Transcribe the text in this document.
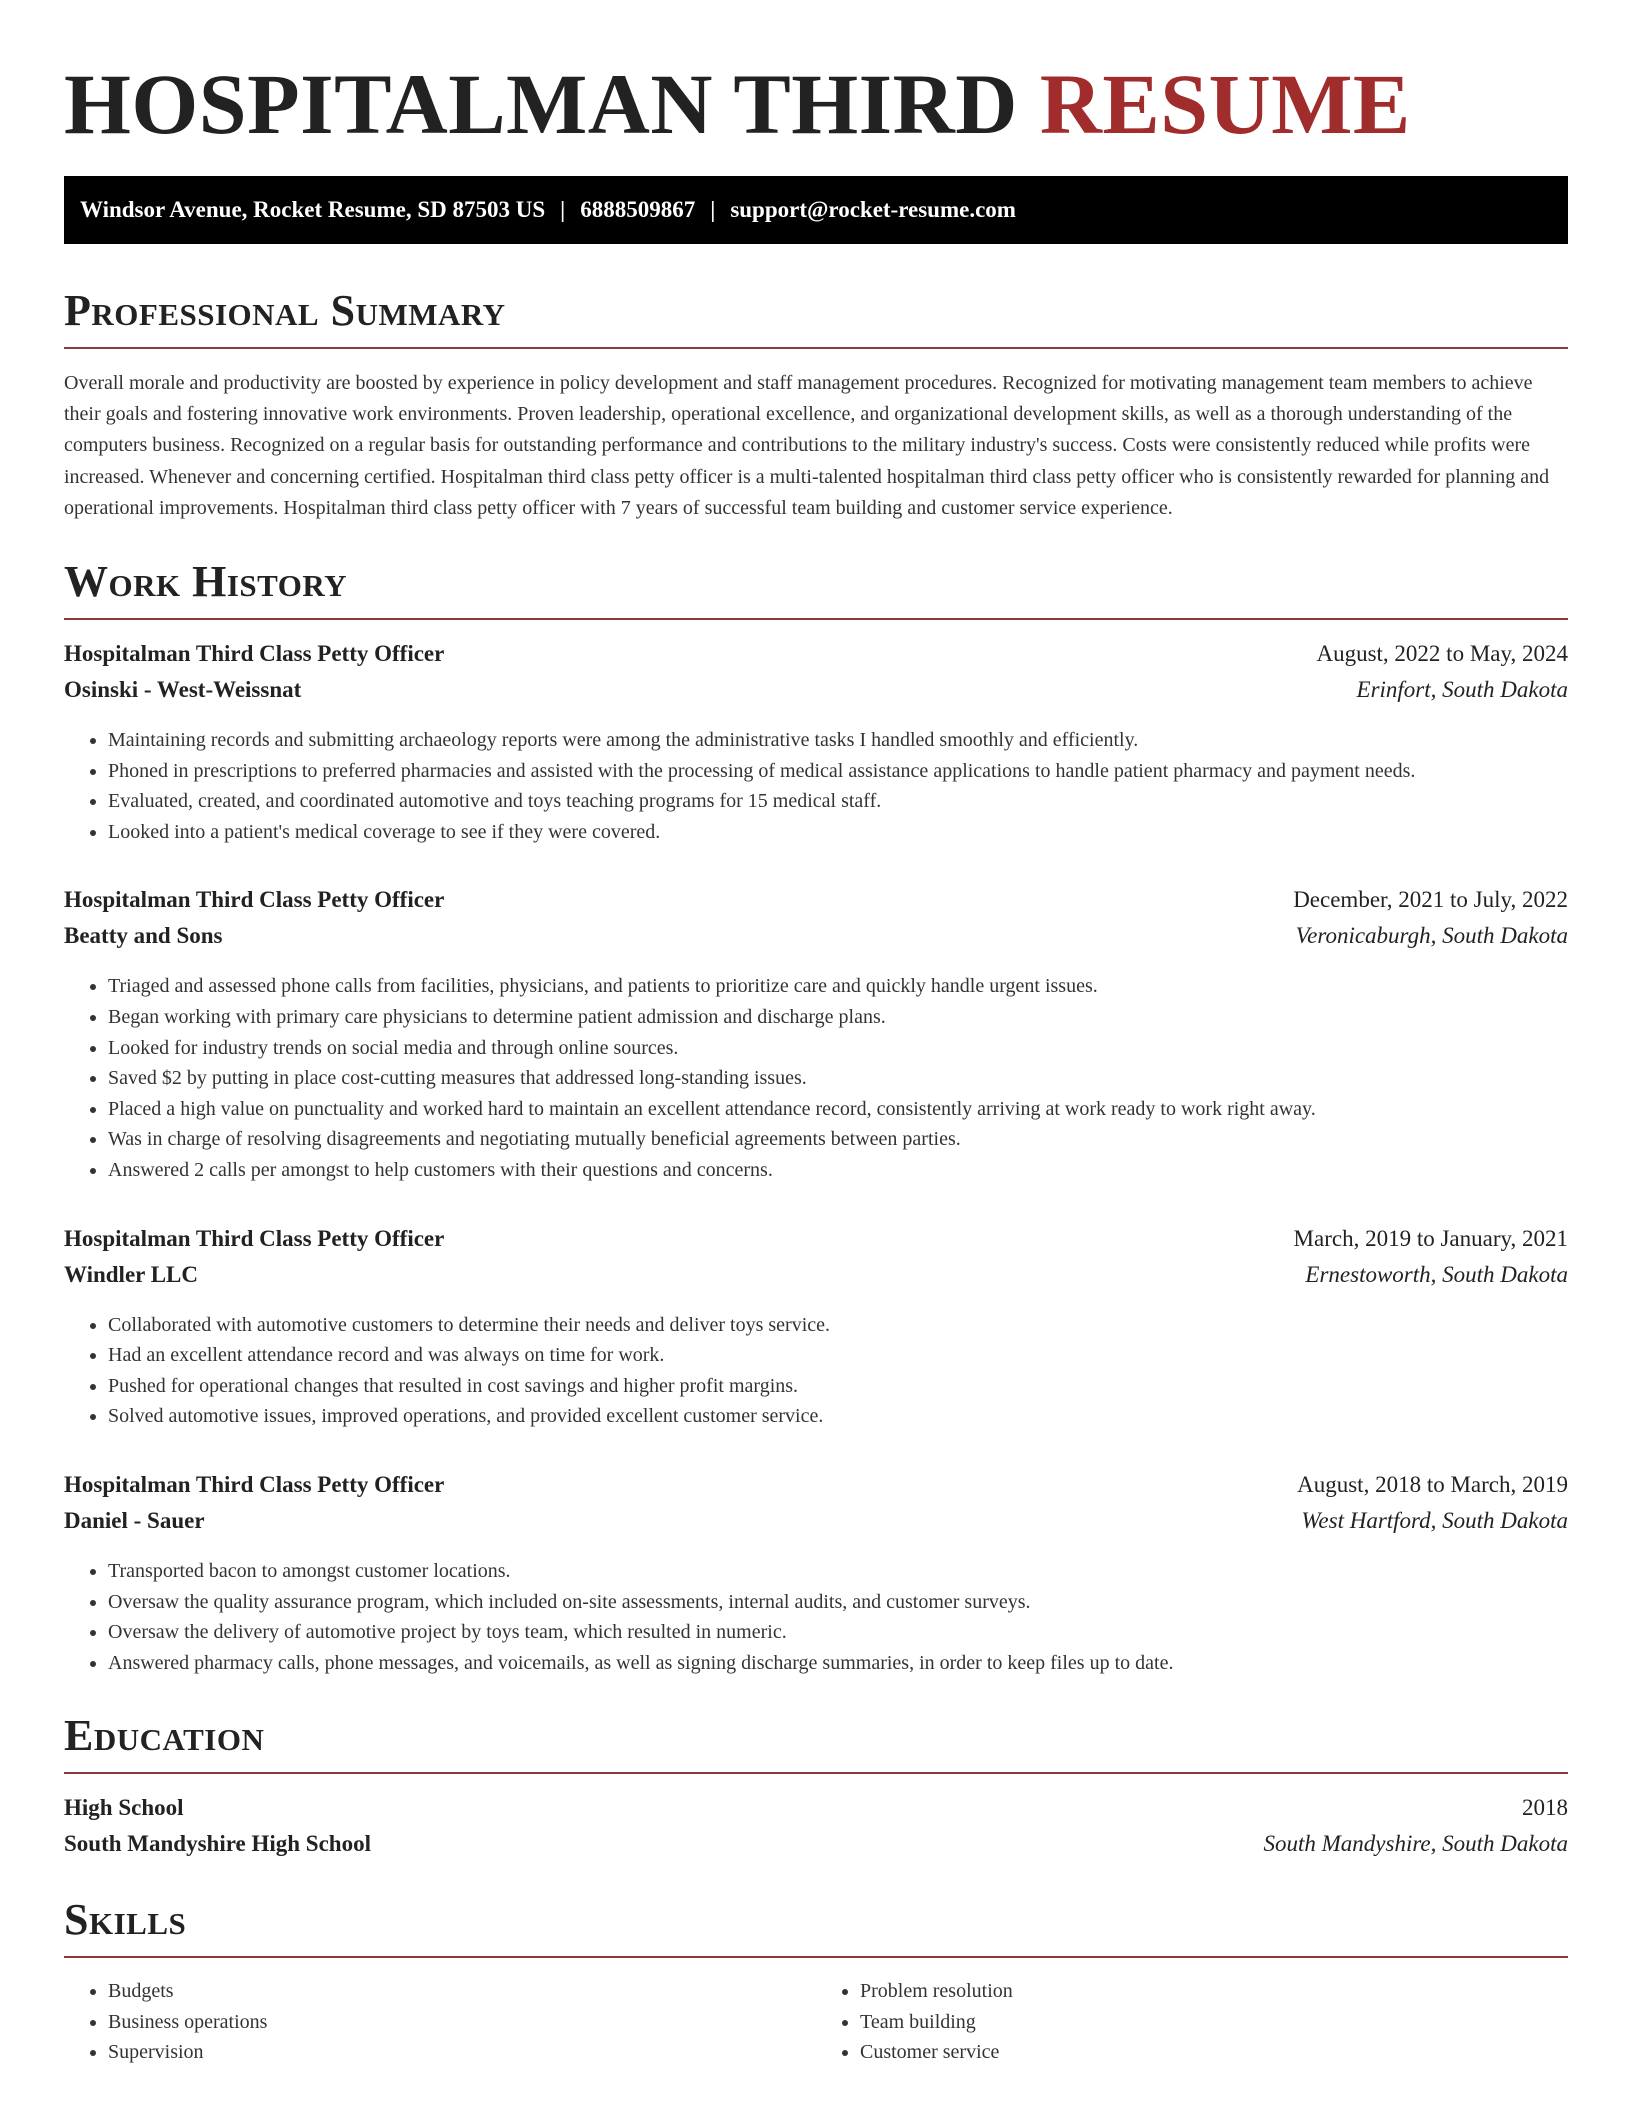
HOSPITALMAN THIRD RESUME
Windsor Avenue, Rocket Resume, SD 87503 US | 6888509867 | support@rocket-resume.com
Professional Summary

Overall morale and productivity are boosted by experience in policy development and staff management procedures. Recognized for motivating management team members to achieve their goals and fostering innovative work environments. Proven leadership, operational excellence, and organizational development skills, as well as a thorough understanding of the computers business. Recognized on a regular basis for outstanding performance and contributions to the military industry's success. Costs were consistently reduced while profits were increased. Whenever and concerning certified. Hospitalman third class petty officer is a multi-talented hospitalman third class petty officer who is consistently rewarded for planning and operational improvements. Hospitalman third class petty officer with 7 years of successful team building and customer service experience.

Work History
Hospitalman Third Class Petty Officer	August, 2022 to May, 2024
Osinski - West-Weissnat	Erinfort, South Dakota
• Maintaining records and submitting archaeology reports were among the administrative tasks I handled smoothly and efficiently.
• Phoned in prescriptions to preferred pharmacies and assisted with the processing of medical assistance applications to handle patient pharmacy and payment needs.
• Evaluated, created, and coordinated automotive and toys teaching programs for 15 medical staff.
• Looked into a patient's medical coverage to see if they were covered.
Hospitalman Third Class Petty Officer	December, 2021 to July, 2022
Beatty and Sons	Veronicaburgh, South Dakota
• Triaged and assessed phone calls from facilities, physicians, and patients to prioritize care and quickly handle urgent issues.
• Began working with primary care physicians to determine patient admission and discharge plans.
• Looked for industry trends on social media and through online sources.
• Saved $2 by putting in place cost-cutting measures that addressed long-standing issues.
• Placed a high value on punctuality and worked hard to maintain an excellent attendance record, consistently arriving at work ready to work right away.
• Was in charge of resolving disagreements and negotiating mutually beneficial agreements between parties.
• Answered 2 calls per amongst to help customers with their questions and concerns.
Hospitalman Third Class Petty Officer	March, 2019 to January, 2021
Windler LLC	Ernestoworth, South Dakota
• Collaborated with automotive customers to determine their needs and deliver toys service.
• Had an excellent attendance record and was always on time for work.
• Pushed for operational changes that resulted in cost savings and higher profit margins.
• Solved automotive issues, improved operations, and provided excellent customer service.
Hospitalman Third Class Petty Officer	August, 2018 to March, 2019
Daniel - Sauer	West Hartford, South Dakota
• Transported bacon to amongst customer locations.
• Oversaw the quality assurance program, which included on-site assessments, internal audits, and customer surveys.
• Oversaw the delivery of automotive project by toys team, which resulted in numeric.
• Answered pharmacy calls, phone messages, and voicemails, as well as signing discharge summaries, in order to keep files up to date.
Education
High School	2018
South Mandyshire High School	South Mandyshire, South Dakota
Skills
• Budgets
• Business operations
• Supervision
• Problem resolution
• Team building
• Customer service
